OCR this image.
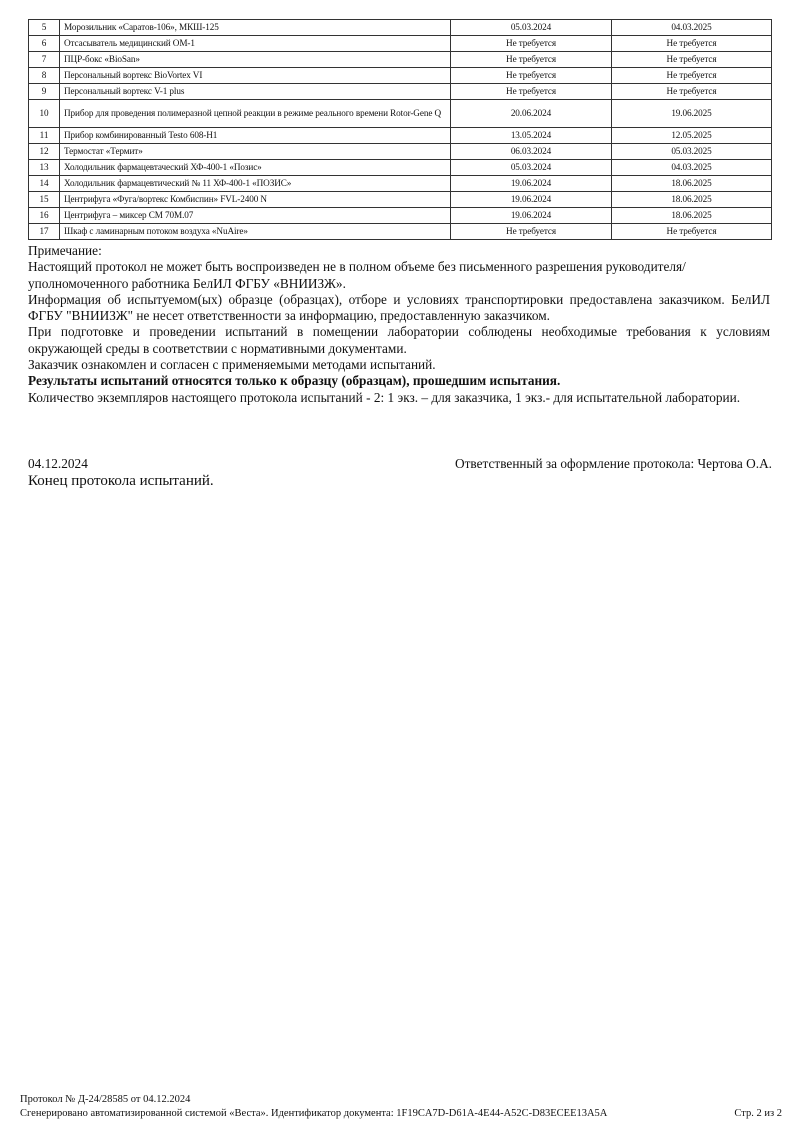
5	Морозильник «Саратов-106», МКШ-125	05.03.2024	04.03.2025
6	Отсасыватель медицинский ОМ-1	Не требуется	Не требуется
7	ПЦР-бокс «BioSan»	Не требуется	Не требуется
8	Персональный вортекс BioVortex VI	Не требуется	Не требуется
9	Персональный вортекс V-1 plus	Не требуется	Не требуется
10	Прибор для проведения полимеразной цепной реакции в режиме реального времени Rotor-Gene Q	20.06.2024	19.06.2025
11	Прибор комбинированный Testo 608-H1	13.05.2024	12.05.2025
12	Термостат «Термит»	06.03.2024	05.03.2025
13	Холодильник фармацевтаческий ХФ-400-1 «Позис»	05.03.2024	04.03.2025
14	Холодильник фармацевтический № 11 ХФ-400-1 «ПОЗИС»	19.06.2024	18.06.2025
15	Центрифуга «Фуга/вортекс Комбиспин» FVL-2400 N	19.06.2024	18.06.2025
16	Центрифуга – миксер СМ 70М.07	19.06.2024	18.06.2025
17	Шкаф с ламинарным потоком воздуха «NuAire»	Не требуется	Не требуется

Примечание:

Настоящий протокол не может быть воспроизведен не в полном объеме без письменного разрешения руководителя/уполномоченного работника БелИЛ ФГБУ «ВНИИЗЖ».

Информация об испытуемом(ых) образце (образцах), отборе и условиях транспортировки предоставлена заказчиком. БелИЛ ФГБУ "ВНИИЗЖ" не несет ответственности за информацию, предоставленную заказчиком.

При подготовке и проведении испытаний в помещении лаборатории соблюдены необходимые требования к условиям окружающей среды в соответствии с нормативными документами.

Заказчик ознакомлен и согласен с применяемыми методами испытаний.

Результаты испытаний относятся только к образцу (образцам), прошедшим испытания.

Количество экземпляров настоящего протокола испытаний - 2: 1 экз. – для заказчика, 1 экз.- для испытательной лаборатории.

04.12.2024	Ответственный за оформление протокола: Чертова О.А.
Конец протокола испытаний.
Протокол № Д-24/28585 от 04.12.2024
Сгенерировано автоматизированной системой «Веста». Идентификатор документа: 1F19CA7D-D61A-4E44-A52C-D83ECEE13A5A	Стр. 2 из 2
